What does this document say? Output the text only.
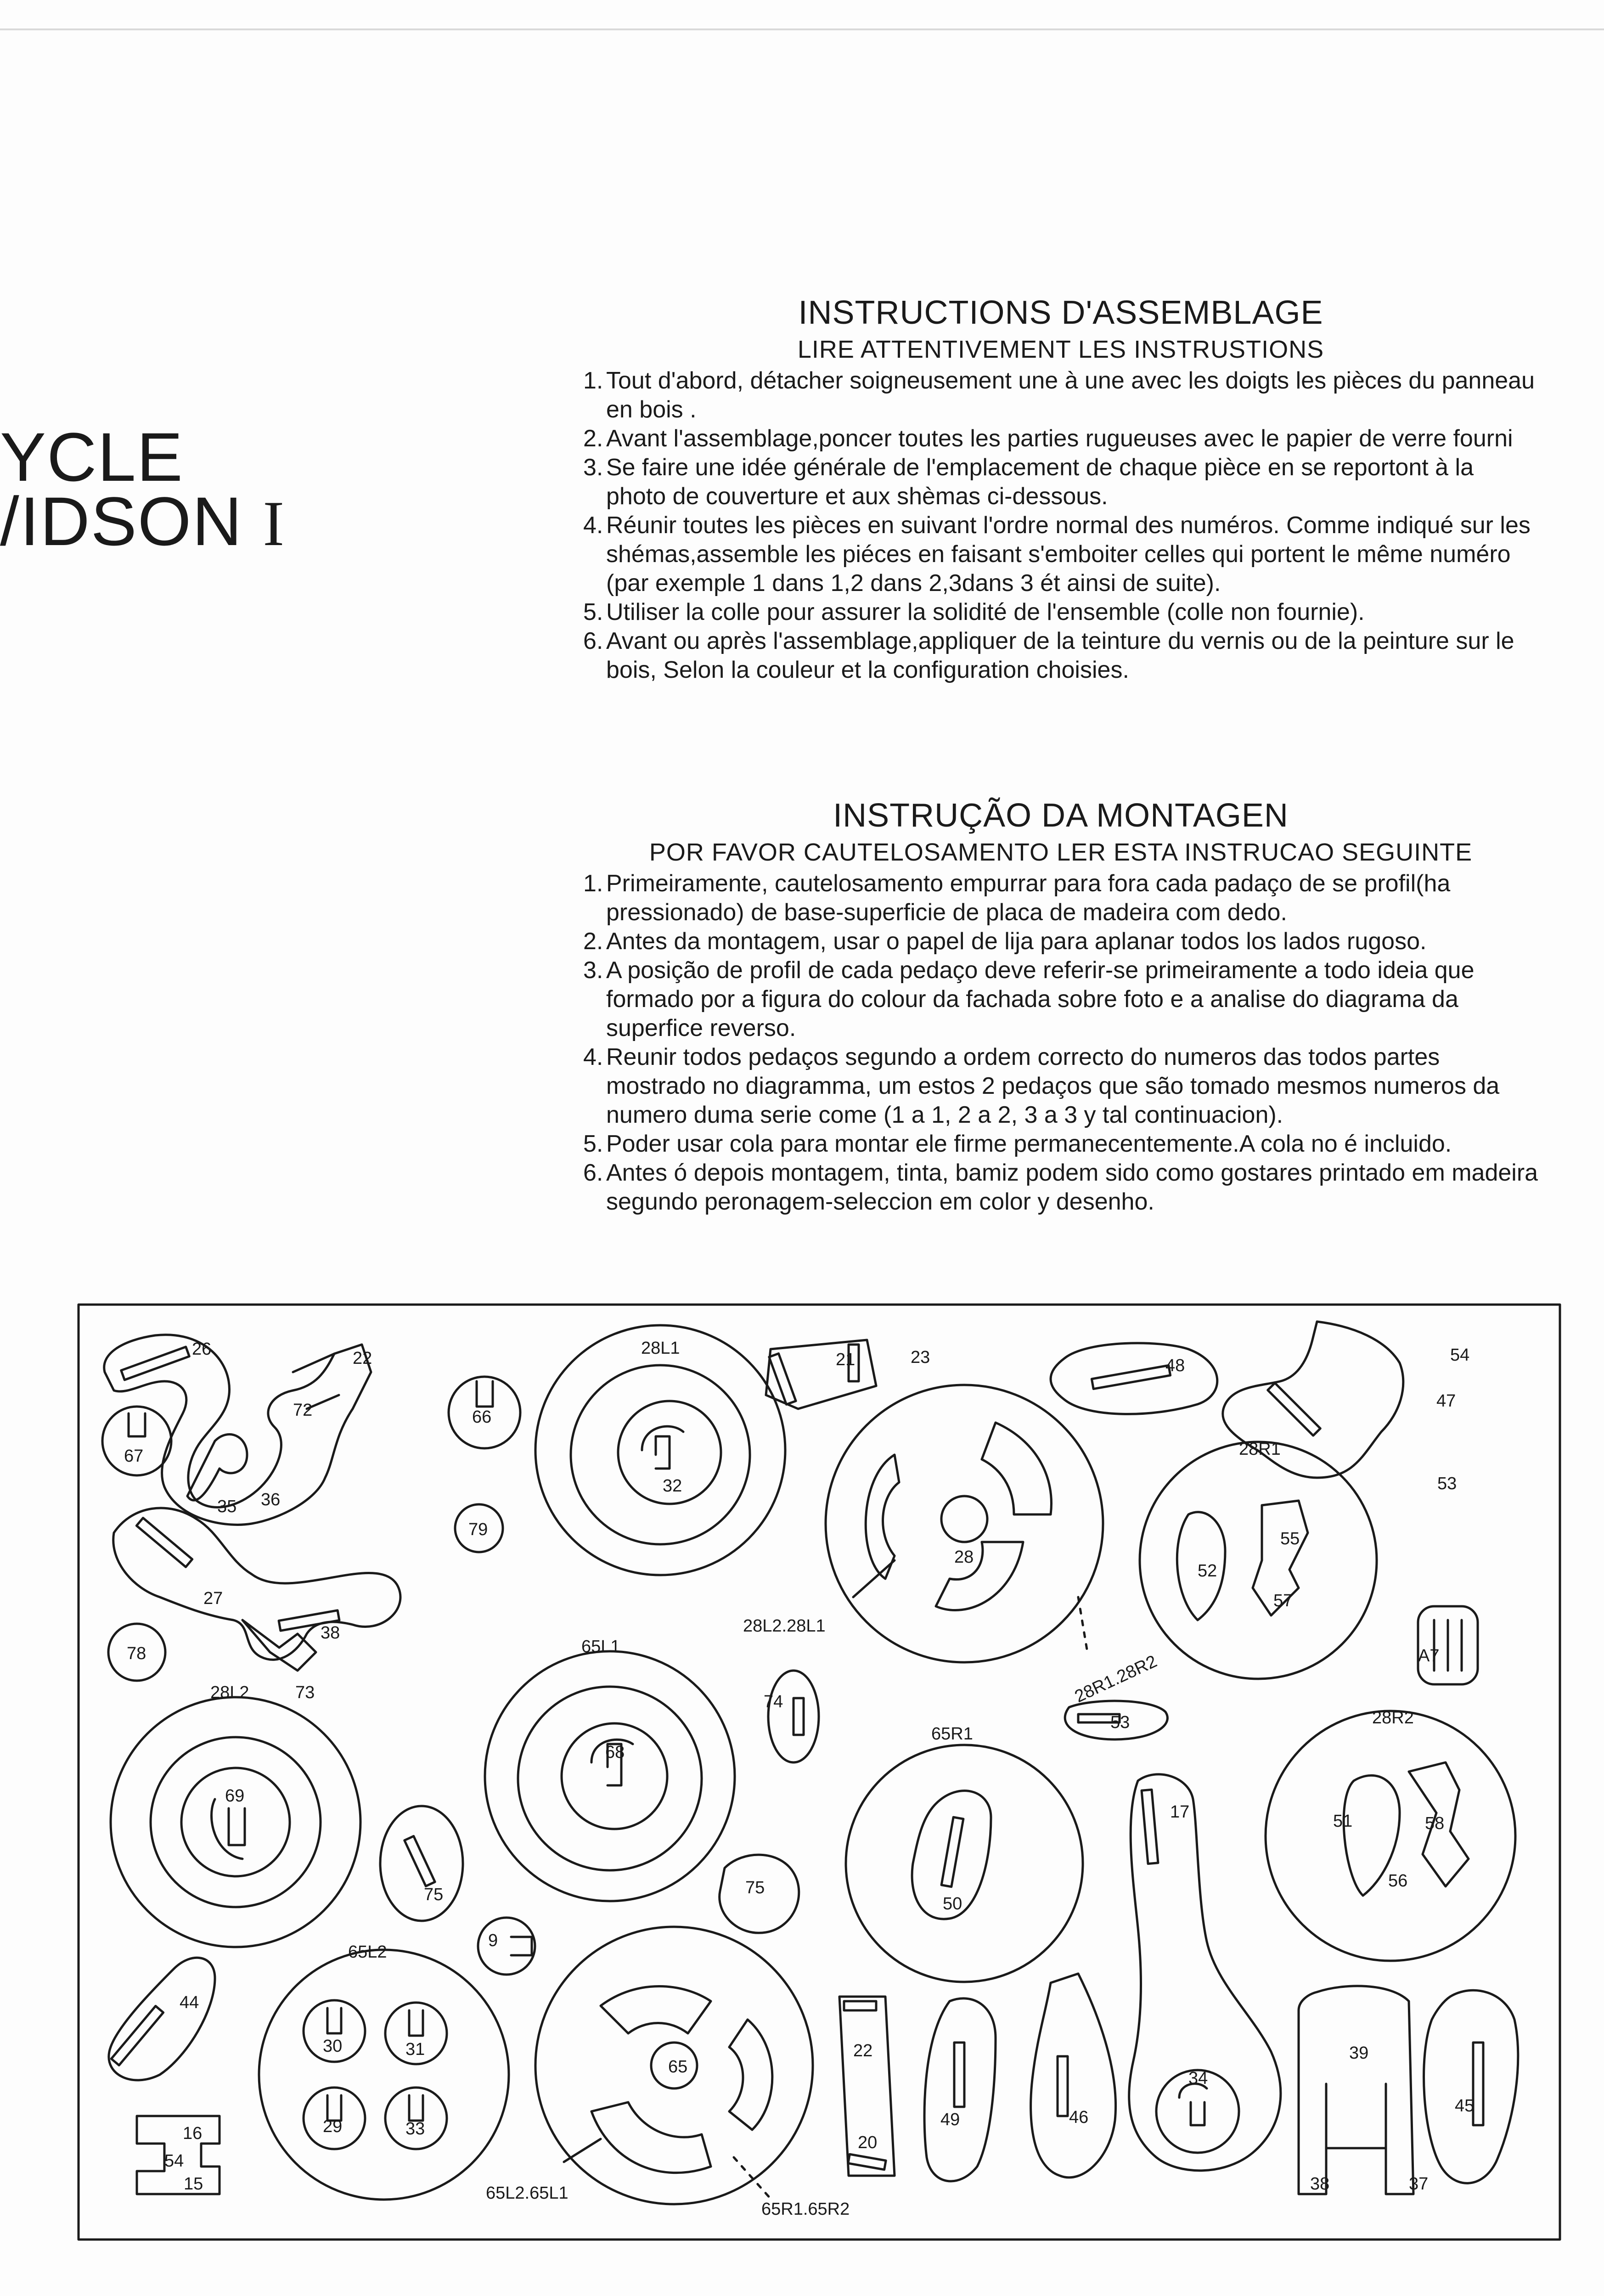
YCLE
/IDSON I
INSTRUCTIONS D'ASSEMBLAGE
LIRE ATTENTIVEMENT LES INSTRUSTIONS
1. Tout d'abord, détacher soigneusement une à une avec les doigts les pièces du panneau en bois .
2. Avant l'assemblage,poncer toutes les parties rugueuses avec le papier de verre fourni
3. Se faire une idée générale de l'emplacement de chaque pièce en se reportont à la photo de couverture et aux shèmas ci-dessous.
4. Réunir toutes les pièces en suivant l'ordre normal des numéros. Comme indiqué sur les shémas,assemble les piéces en faisant s'emboiter celles qui portent le même numéro (par exemple 1 dans 1,2 dans 2,3dans 3 ét ainsi de suite).
5. Utiliser la colle pour assurer la solidité de l'ensemble (colle non fournie).
6. Avant ou après l'assemblage,appliquer de la teinture du vernis ou de la peinture sur le bois, Selon la couleur et la configuration choisies.
INSTRUÇÃO DA MONTAGEN
POR FAVOR CAUTELOSAMENTO LER ESTA INSTRUCAO SEGUINTE
1. Primeiramente, cautelosamento empurrar para fora cada padaço de se profil(ha pressionado) de base-superficie de placa de madeira com dedo.
2. Antes da montagem, usar o papel de lija para aplanar todos los lados rugoso.
3. A posição de profil de cada pedaço deve referir-se primeiramente a todo ideia que formado por a figura do colour da fachada sobre foto e a analise do diagrama da superfice reverso.
4. Reunir todos pedaços segundo a ordem correcto do numeros das todos partes mostrado no diagramma, um estos 2 pedaços que são tomado mesmos numeros da numero duma serie come (1 a 1, 2 a 2, 3 a 3 y tal continuacion).
5. Poder usar cola para montar ele firme permanecentemente.A cola no é incluido.
6. Antes ó depois montagem, tinta, bamiz podem sido como gostares printado em madeira segundo peronagem-seleccion em color y desenho.
26	22
72	66
67
35 36
79
27
78
38
73
28L1
32
28L2
69
65L1
68
75
9
65L2
30	31
29	33
44
16
54
15
21	23
28
28L2.28L1
28R1.28R2
74
75
65
65L2.65L1
65R1.65R2
22
20
48
54
47
53
28R1
52
55
57
A7
53
65R1
50
17
28R2
51	58
56
49	46
34
39
38	37
45
